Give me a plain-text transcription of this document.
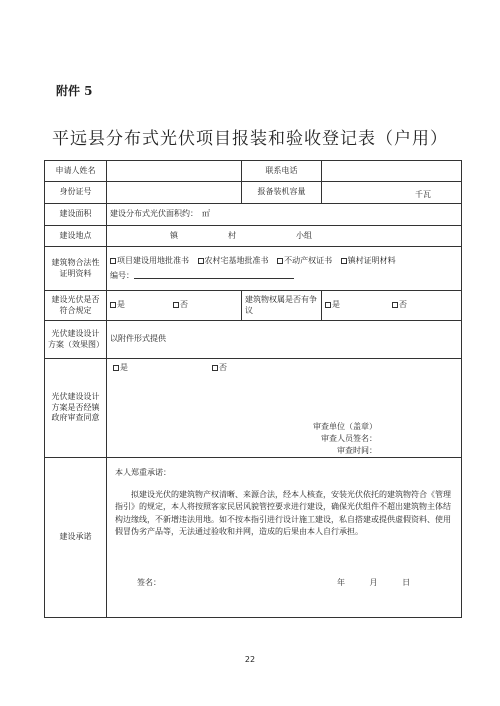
附件 5
平远县分布式光伏项目报装和验收登记表（户用）
申请人姓名		联系电话	
身份证号		报备装机容量	千瓦
建设面积	建设分布式光伏面积约： ㎡		
建设地点	镇 村 小组		
建筑物合法性证明资料	项目建设用地批准书 农村宅基地批准书 不动产权证书 镇村证明材料
编号：		

建设光伏是否符合规定	是 否	建筑物权属是否有争议	是 否
光伏建设设计方案（效果图）	以附件形式提供		
光伏建设设计方案是否经镇政府审查同意	是 否
审查单位（盖章）
审查人员签名：
审查时间：		

建设承诺	本人郑重承诺：
拟建设光伏的建筑物产权清晰、来源合法，经本人核查，安装光伏依托的建筑物符合《管理指引》的规定，本人将按照客家民居风貌管控要求进行建设，确保光伏组件不超出建筑物主体结构边缘线，不新增违法用地。如不按本指引进行设计施工建设，私自搭建或提供虚假资料、使用假冒伪劣产品等，无法通过验收和并网，造成的后果由本人自行承担。
签名： 年 月 日		
22
